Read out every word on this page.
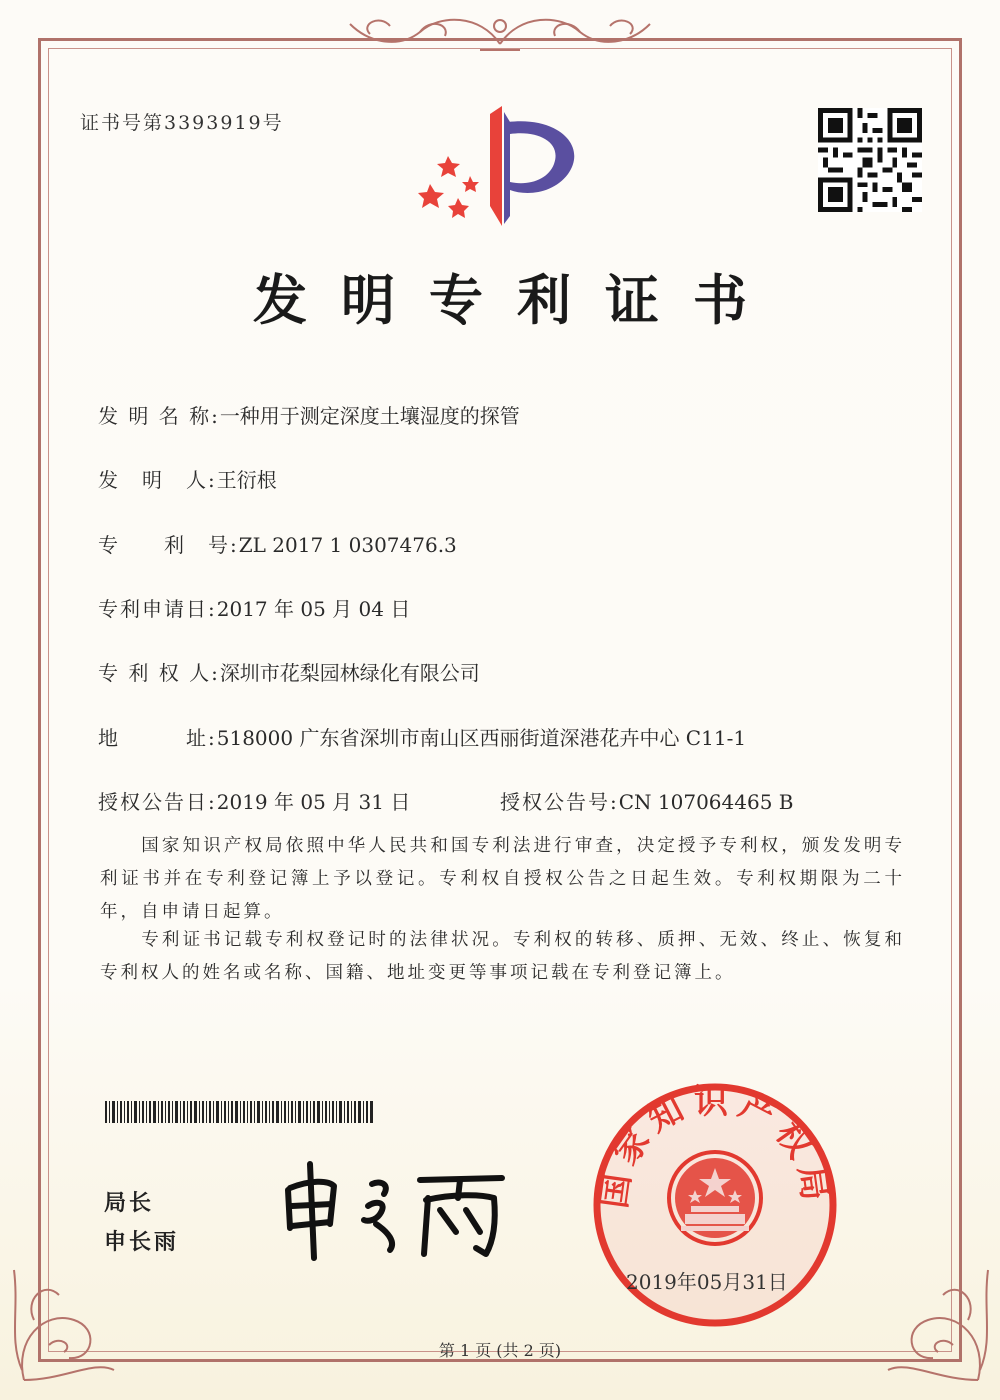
证书号第3393919号
发明专利证书
发 明 名 称:一种用于测定深度土壤湿度的探管
发　明　人:王衍根
专　　利　号:ZL 2017 1 0307476.3
专利申请日:2017 年 05 月 04 日
专 利 权 人:深圳市花梨园林绿化有限公司
地　　　址:518000 广东省深圳市南山区西丽街道深港花卉中心 C11-1
授权公告日:2019 年 05 月 31 日	授权公告号:CN 107064465 B
　　国家知识产权局依照中华人民共和国专利法进行审查，决定授予专利权，颁发发明专利证书并在专利登记簿上予以登记。专利权自授权公告之日起生效。专利权期限为二十年，自申请日起算。
　　专利证书记载专利权登记时的法律状况。专利权的转移、质押、无效、终止、恢复和专利权人的姓名或名称、国籍、地址变更等事项记载在专利登记簿上。
局长
申长雨
国家知识产权局
2019年05月31日
第 1 页 (共 2 页)
